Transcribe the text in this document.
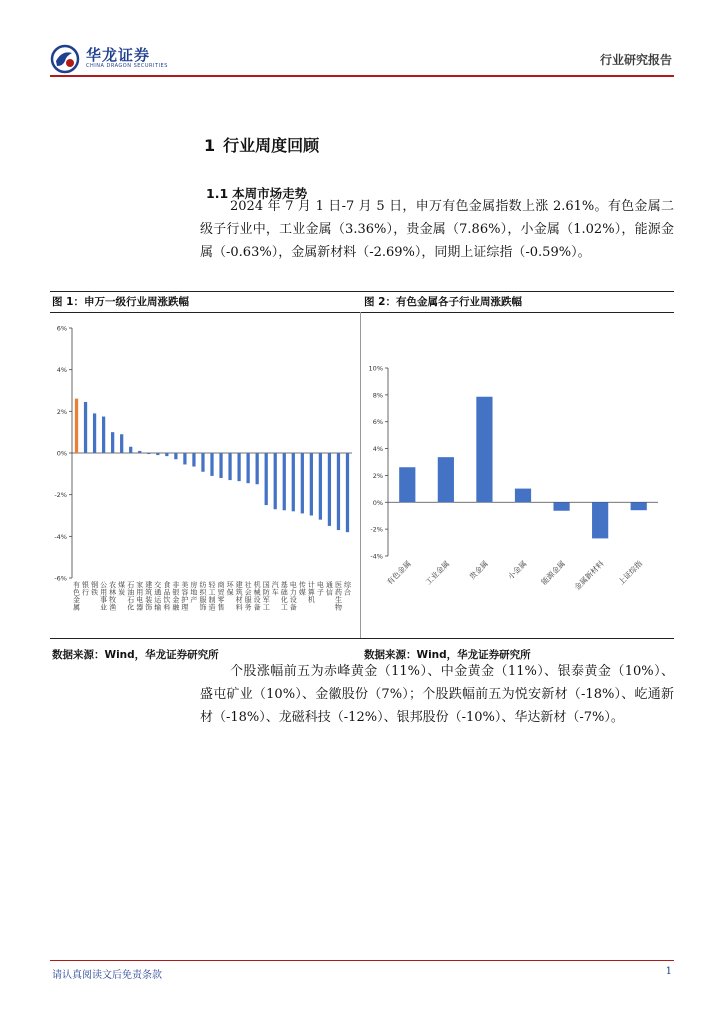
华龙证券
CHINA DRAGON SECURITIES	行业研究报告
1 行业周度回顾
1.1 本周市场走势
2024 年 7 月 1 日-7 月 5 日，申万有色金属指数上涨 2.61%。有色金属二级子行业中，工业金属（3.36%），贵金属（7.86%），小金属（1.02%），能源金属（-0.63%），金属新材料（-2.69%），同期上证综指（-0.59%）。
图 1：申万一级行业周涨跌幅	图 2：有色金属各子行业周涨跌幅
-6%
-4%
-2%
0%
2%
4%
6%
有色金属
银行
钢铁
公用事业
农林牧渔
煤炭
石油石化
家用电器
建筑装饰
交通运输
食品饮料
非银金融
美容护理
房地产
纺织服饰
轻工制造
商贸零售
环保
建筑材料
社会服务
机械设备
国防军工
汽车
基础化工
电力设备
传媒
计算机
电子
通信
医药生物
综合
-4%
-2%
0%
2%
4%
6%
8%
10%
有色金属 工业金属 贵金属 小金属 能源金属 金属新材料 上证综指
数据来源：Wind，华龙证券研究所	数据来源：Wind，华龙证券研究所
个股涨幅前五为赤峰黄金（11%）、中金黄金（11%）、银泰黄金（10%）、盛屯矿业（10%）、金徽股份（7%）；个股跌幅前五为悦安新材（-18%）、屹通新材（-18%）、龙磁科技（-12%）、银邦股份（-10%）、华达新材（-7%）。
请认真阅读文后免责条款	1
